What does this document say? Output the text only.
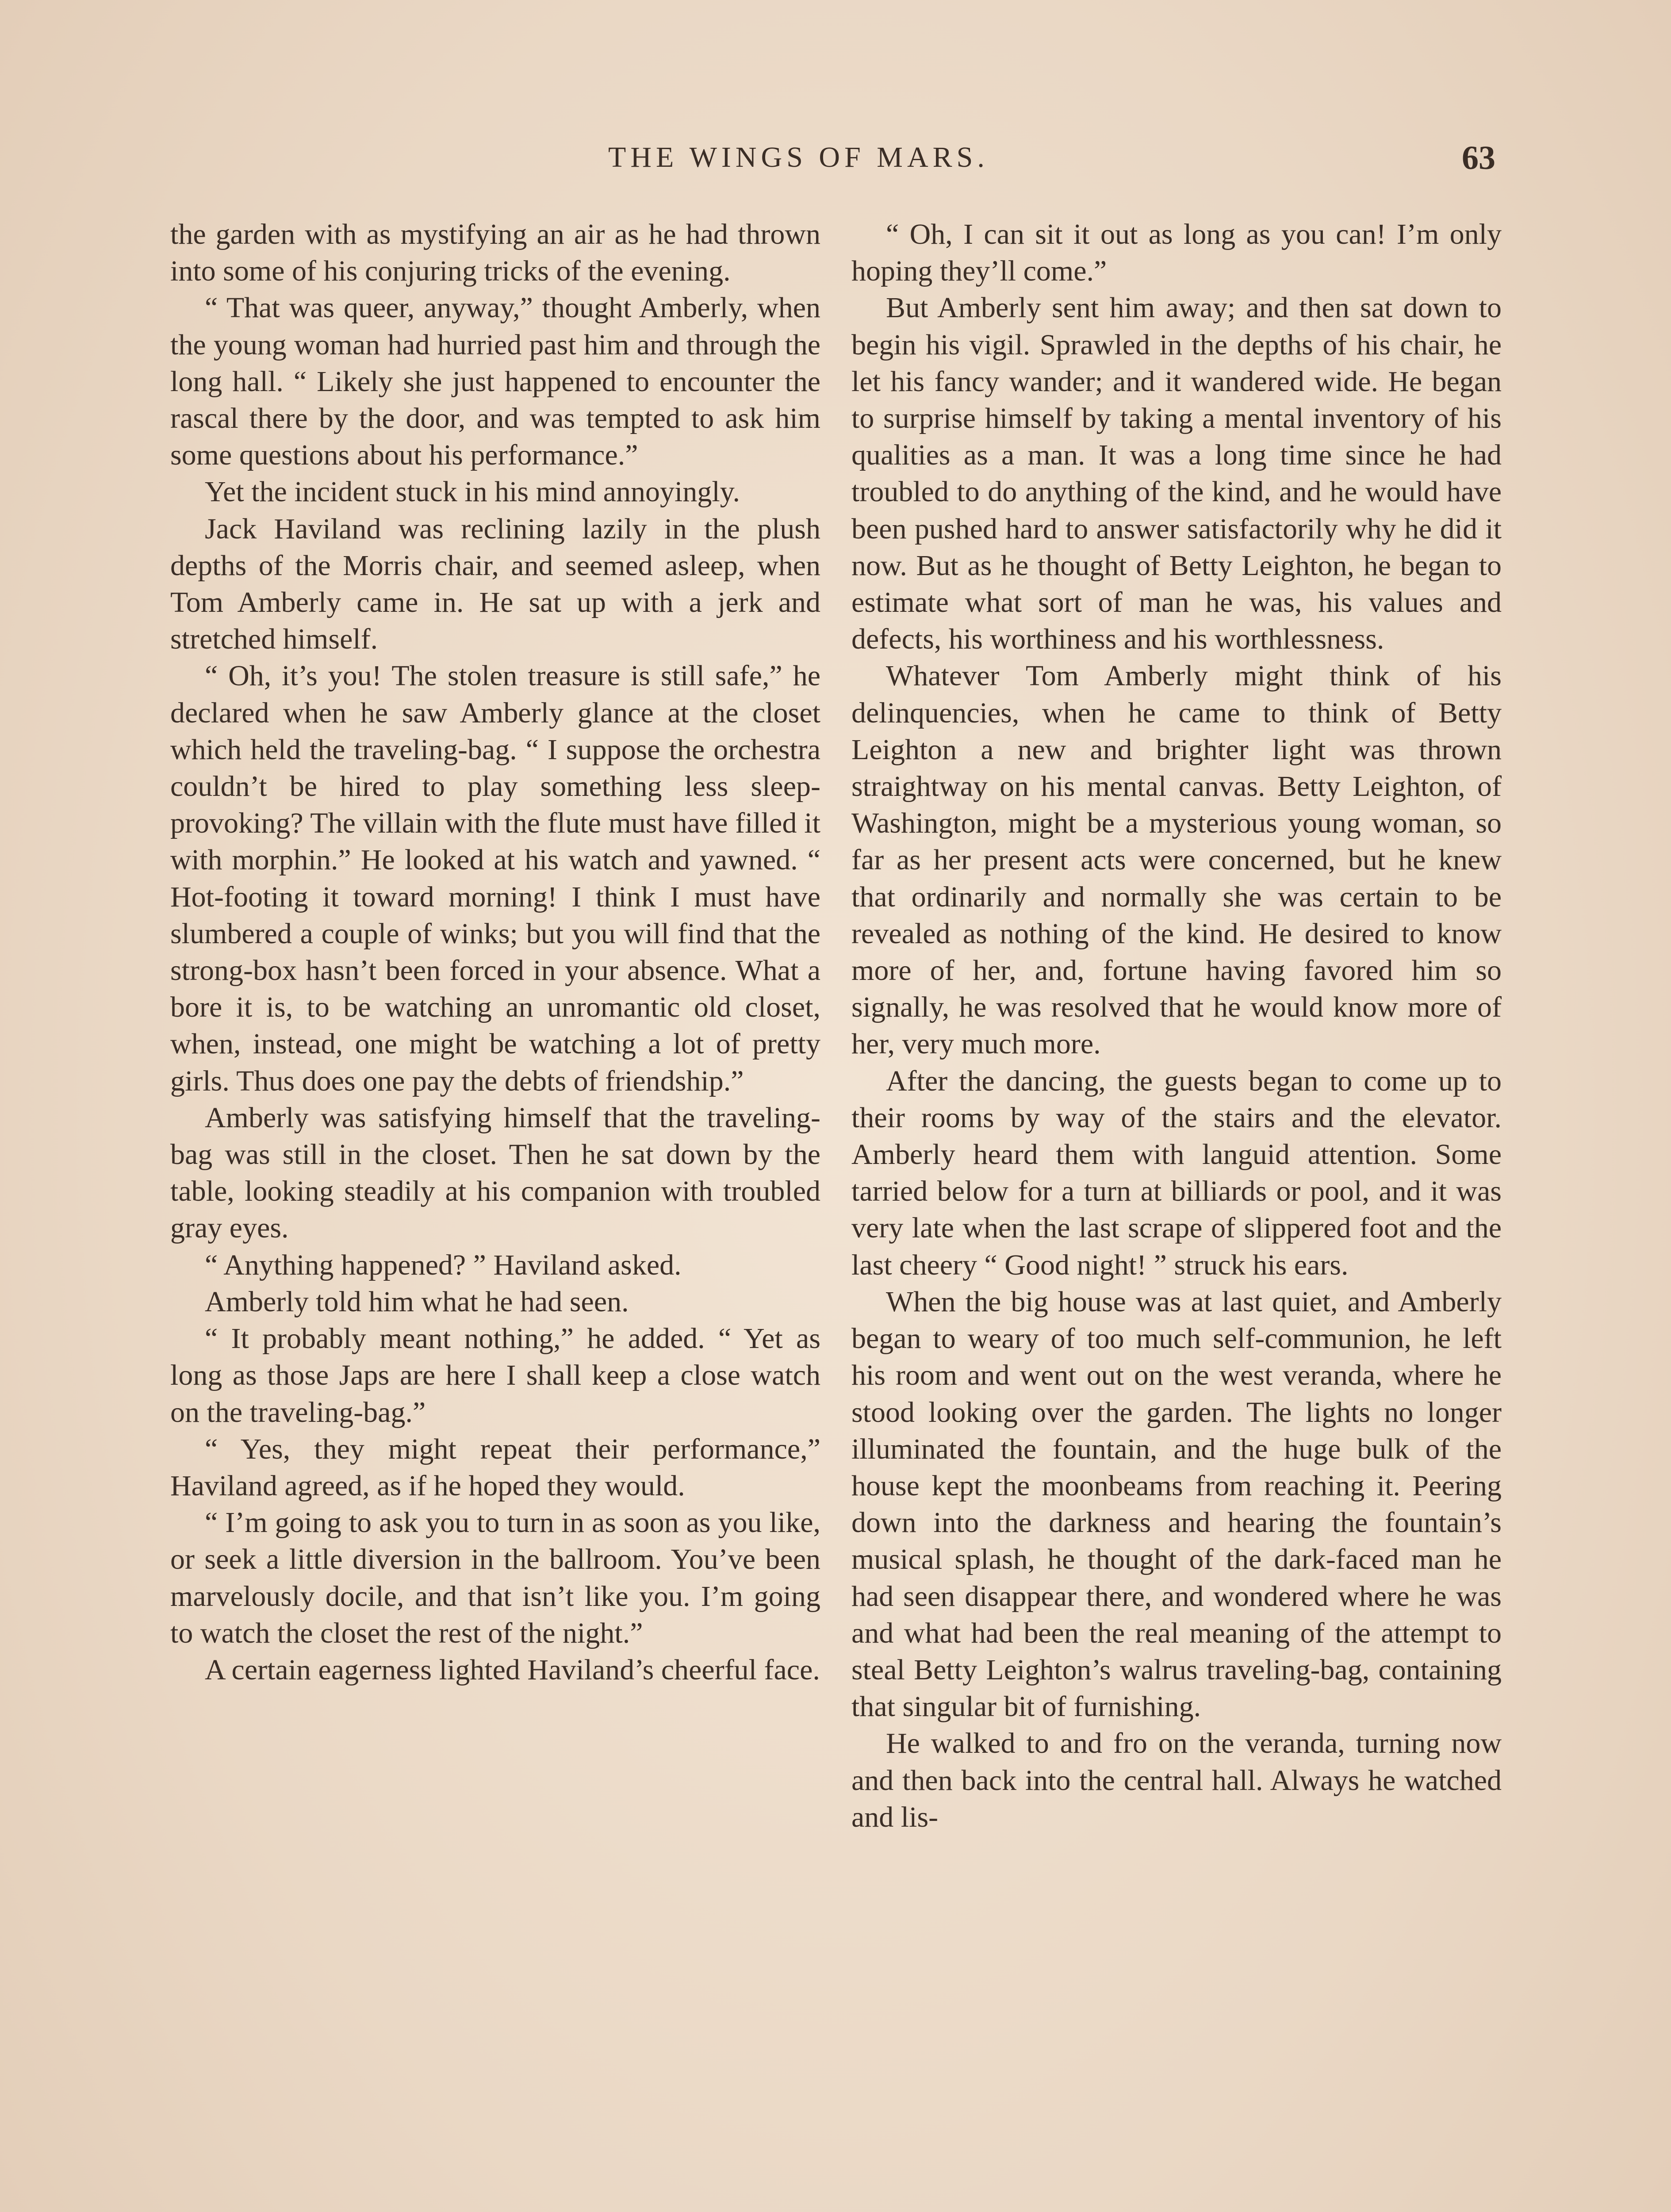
THE WINGS OF MARS.	63

the garden with as mystifying an air as he had thrown into some of his conjuring tricks of the evening.

“ That was queer, anyway,” thought Amberly, when the young woman had hurried past him and through the long hall. “ Likely she just happened to encounter the rascal there by the door, and was tempted to ask him some questions about his performance.”

Yet the incident stuck in his mind annoyingly.

Jack Haviland was reclining lazily in the plush depths of the Morris chair, and seemed asleep, when Tom Amberly came in. He sat up with a jerk and stretched himself.

“ Oh, it’s you! The stolen treasure is still safe,” he declared when he saw Amberly glance at the closet which held the traveling-bag. “ I suppose the orchestra couldn’t be hired to play something less sleep-provoking? The villain with the flute must have filled it with morphin.” He looked at his watch and yawned. “ Hot-footing it toward morning! I think I must have slumbered a couple of winks; but you will find that the strong-box hasn’t been forced in your absence. What a bore it is, to be watching an unromantic old closet, when, instead, one might be watching a lot of pretty girls. Thus does one pay the debts of friendship.”

Amberly was satisfying himself that the traveling-bag was still in the closet. Then he sat down by the table, looking steadily at his companion with troubled gray eyes.

“ Anything happened? ” Haviland asked.

Amberly told him what he had seen.

“ It probably meant nothing,” he added. “ Yet as long as those Japs are here I shall keep a close watch on the traveling-bag.”

“ Yes, they might repeat their performance,” Haviland agreed, as if he hoped they would.

“ I’m going to ask you to turn in as soon as you like, or seek a little diversion in the ballroom. You’ve been marvelously docile, and that isn’t like you. I’m going to watch the closet the rest of the night.”

A certain eagerness lighted Haviland’s cheerful face.

“ Oh, I can sit it out as long as you can! I’m only hoping they’ll come.”

But Amberly sent him away; and then sat down to begin his vigil. Sprawled in the depths of his chair, he let his fancy wander; and it wandered wide. He began to surprise himself by taking a mental inventory of his qualities as a man. It was a long time since he had troubled to do anything of the kind, and he would have been pushed hard to answer satisfactorily why he did it now. But as he thought of Betty Leighton, he began to estimate what sort of man he was, his values and defects, his worthiness and his worthlessness.

Whatever Tom Amberly might think of his delinquencies, when he came to think of Betty Leighton a new and brighter light was thrown straightway on his mental canvas. Betty Leighton, of Washington, might be a mysterious young woman, so far as her present acts were concerned, but he knew that ordinarily and normally she was certain to be revealed as nothing of the kind. He desired to know more of her, and, fortune having favored him so signally, he was resolved that he would know more of her, very much more.

After the dancing, the guests began to come up to their rooms by way of the stairs and the elevator. Amberly heard them with languid attention. Some tarried below for a turn at billiards or pool, and it was very late when the last scrape of slippered foot and the last cheery “ Good night! ” struck his ears.

When the big house was at last quiet, and Amberly began to weary of too much self-communion, he left his room and went out on the west veranda, where he stood looking over the garden. The lights no longer illuminated the fountain, and the huge bulk of the house kept the moonbeams from reaching it. Peering down into the darkness and hearing the fountain’s musical splash, he thought of the dark-faced man he had seen disappear there, and wondered where he was and what had been the real meaning of the attempt to steal Betty Leighton’s walrus traveling-bag, containing that singular bit of furnishing.

He walked to and fro on the veranda, turning now and then back into the central hall. Always he watched and lis-
